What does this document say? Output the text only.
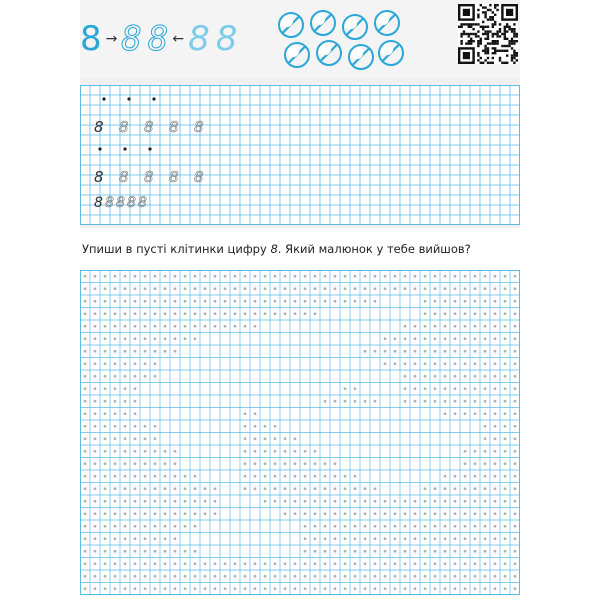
8 → 8 8 ← 8 8
8 8 8 8 8
8 8 8 8 8
8 8 8 8 8
Упиши в пусті клітинки цифру 8. Який малюнок у тебе вийшов?
